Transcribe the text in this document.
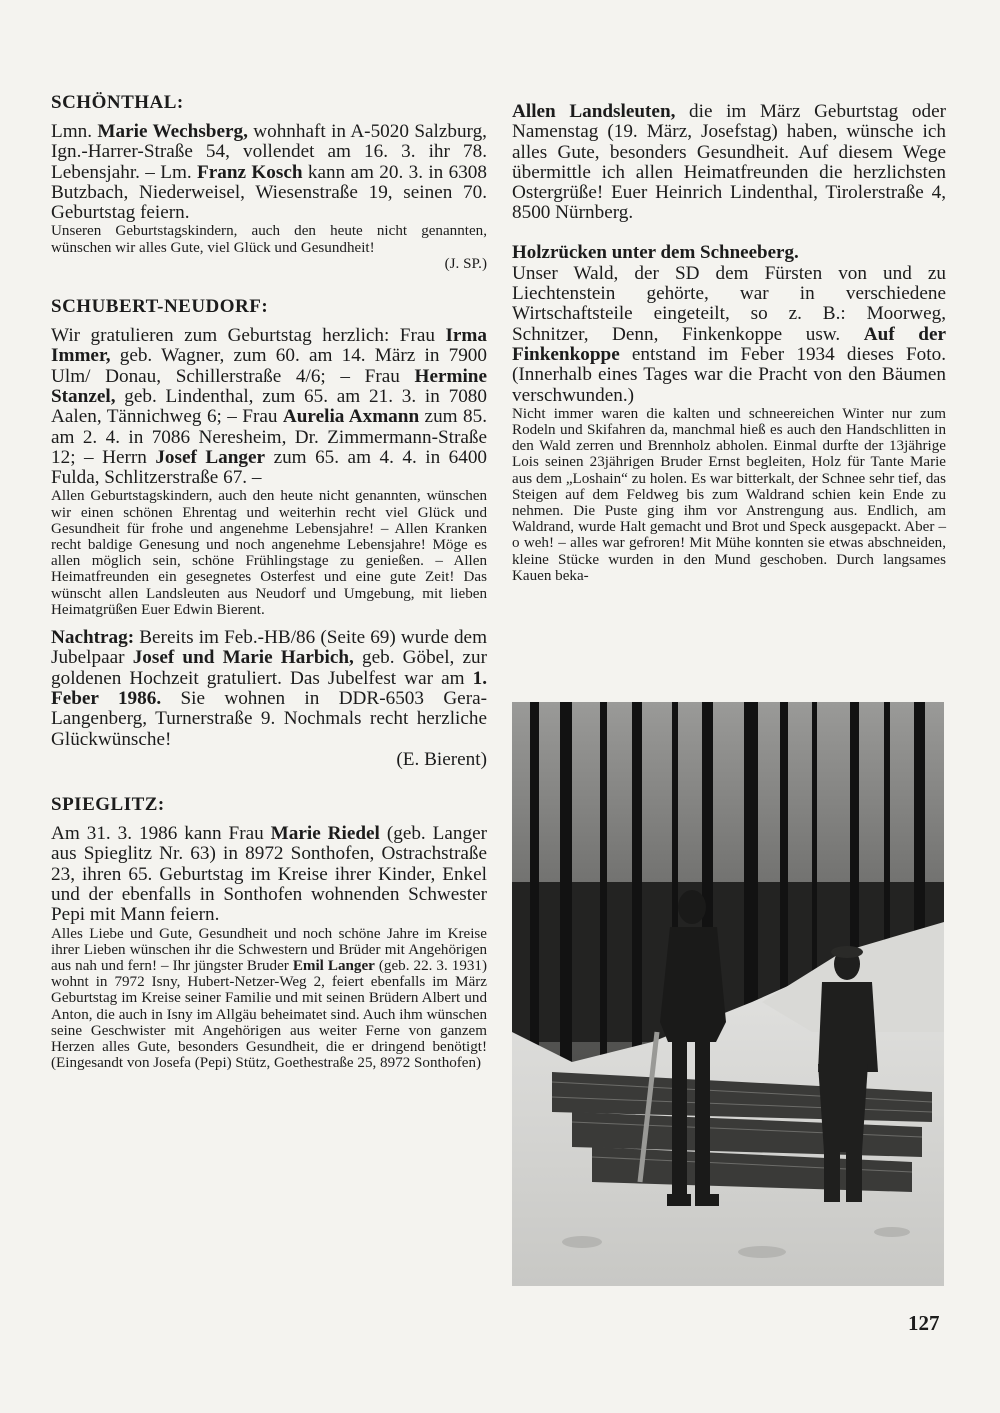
SCHÖNTHAL:

Lmn. Marie Wechsberg, wohnhaft in A-5020 Salzburg, Ign.-Harrer-Straße 54, vollendet am 16. 3. ihr 78. Lebensjahr. – Lm. Franz Kosch kann am 20. 3. in 6308 Butzbach, Niederweisel, Wiesenstraße 19, seinen 70. Geburtstag feiern.

Unseren Geburtstagskindern, auch den heute nicht genannten, wünschen wir alles Gute, viel Glück und Gesundheit!

(J. SP.)
SCHUBERT-NEUDORF:

Wir gratulieren zum Geburtstag herzlich: Frau Irma Immer, geb. Wagner, zum 60. am 14. März in 7900 Ulm/ Donau, Schillerstraße 4/6; – Frau Hermine Stanzel, geb. Lindenthal, zum 65. am 21. 3. in 7080 Aalen, Tännichweg 6; – Frau Aurelia Axmann zum 85. am 2. 4. in 7086 Neresheim, Dr. Zimmermann-Straße 12; – Herrn Josef Langer zum 65. am 4. 4. in 6400 Fulda, Schlitzerstraße 67. –

Allen Geburtstagskindern, auch den heute nicht genannten, wünschen wir einen schönen Ehrentag und weiterhin recht viel Glück und Gesundheit für frohe und angenehme Lebensjahre! – Allen Kranken recht baldige Genesung und noch angenehme Lebensjahre! Möge es allen möglich sein, schöne Frühlingstage zu genießen. – Allen Heimatfreunden ein gesegnetes Osterfest und eine gute Zeit! Das wünscht allen Landsleuten aus Neudorf und Umgebung, mit lieben Heimatgrüßen Euer Edwin Bierent.

Nachtrag: Bereits im Feb.-HB/86 (Seite 69) wurde dem Jubelpaar Josef und Marie Harbich, geb. Göbel, zur goldenen Hochzeit gratuliert. Das Jubelfest war am 1. Feber 1986. Sie wohnen in DDR-6503 Gera-Langenberg, Turnerstraße 9. Nochmals recht herzliche Glückwünsche!

(E. Bierent)
SPIEGLITZ:

Am 31. 3. 1986 kann Frau Marie Riedel (geb. Langer aus Spieglitz Nr. 63) in 8972 Sonthofen, Ostrachstraße 23, ihren 65. Geburtstag im Kreise ihrer Kinder, Enkel und der ebenfalls in Sonthofen wohnenden Schwester Pepi mit Mann feiern.

Alles Liebe und Gute, Gesundheit und noch schöne Jahre im Kreise ihrer Lieben wünschen ihr die Schwestern und Brüder mit Angehörigen aus nah und fern! – Ihr jüngster Bruder Emil Langer (geb. 22. 3. 1931) wohnt in 7972 Isny, Hubert-Netzer-Weg 2, feiert ebenfalls im März Geburtstag im Kreise seiner Familie und mit seinen Brüdern Albert und Anton, die auch in Isny im Allgäu beheimatet sind. Auch ihm wünschen seine Geschwister mit Angehörigen aus weiter Ferne von ganzem Herzen alles Gute, besonders Gesundheit, die er dringend benötigt! (Eingesandt von Josefa (Pepi) Stütz, Goethestraße 25, 8972 Sonthofen)

Allen Landsleuten, die im März Geburtstag oder Namenstag (19. März, Josefstag) haben, wünsche ich alles Gute, besonders Gesundheit. Auf diesem Wege übermittle ich allen Heimatfreunden die herzlichsten Ostergrüße! Euer Heinrich Lindenthal, Tirolerstraße 4, 8500 Nürnberg.

Holzrücken unter dem Schneeberg.

Unser Wald, der SD dem Fürsten von und zu Liechtenstein gehörte, war in verschiedene Wirtschaftsteile eingeteilt, so z. B.: Moorweg, Schnitzer, Denn, Finkenkoppe usw. Auf der Finkenkoppe entstand im Feber 1934 dieses Foto. (Innerhalb eines Tages war die Pracht von den Bäumen verschwunden.)

Nicht immer waren die kalten und schneereichen Winter nur zum Rodeln und Skifahren da, manchmal hieß es auch den Handschlitten in den Wald zerren und Brennholz abholen. Einmal durfte der 13jährige Lois seinen 23jährigen Bruder Ernst begleiten, Holz für Tante Marie aus dem „Loshain“ zu holen. Es war bitterkalt, der Schnee sehr tief, das Steigen auf dem Feldweg bis zum Waldrand schien kein Ende zu nehmen. Die Puste ging ihm vor Anstrengung aus. Endlich, am Waldrand, wurde Halt gemacht und Brot und Speck ausgepackt. Aber – o weh! – alles war gefroren! Mit Mühe konnten sie etwas abschneiden, kleine Stücke wurden in den Mund geschoben. Durch langsames Kauen beka-

127
